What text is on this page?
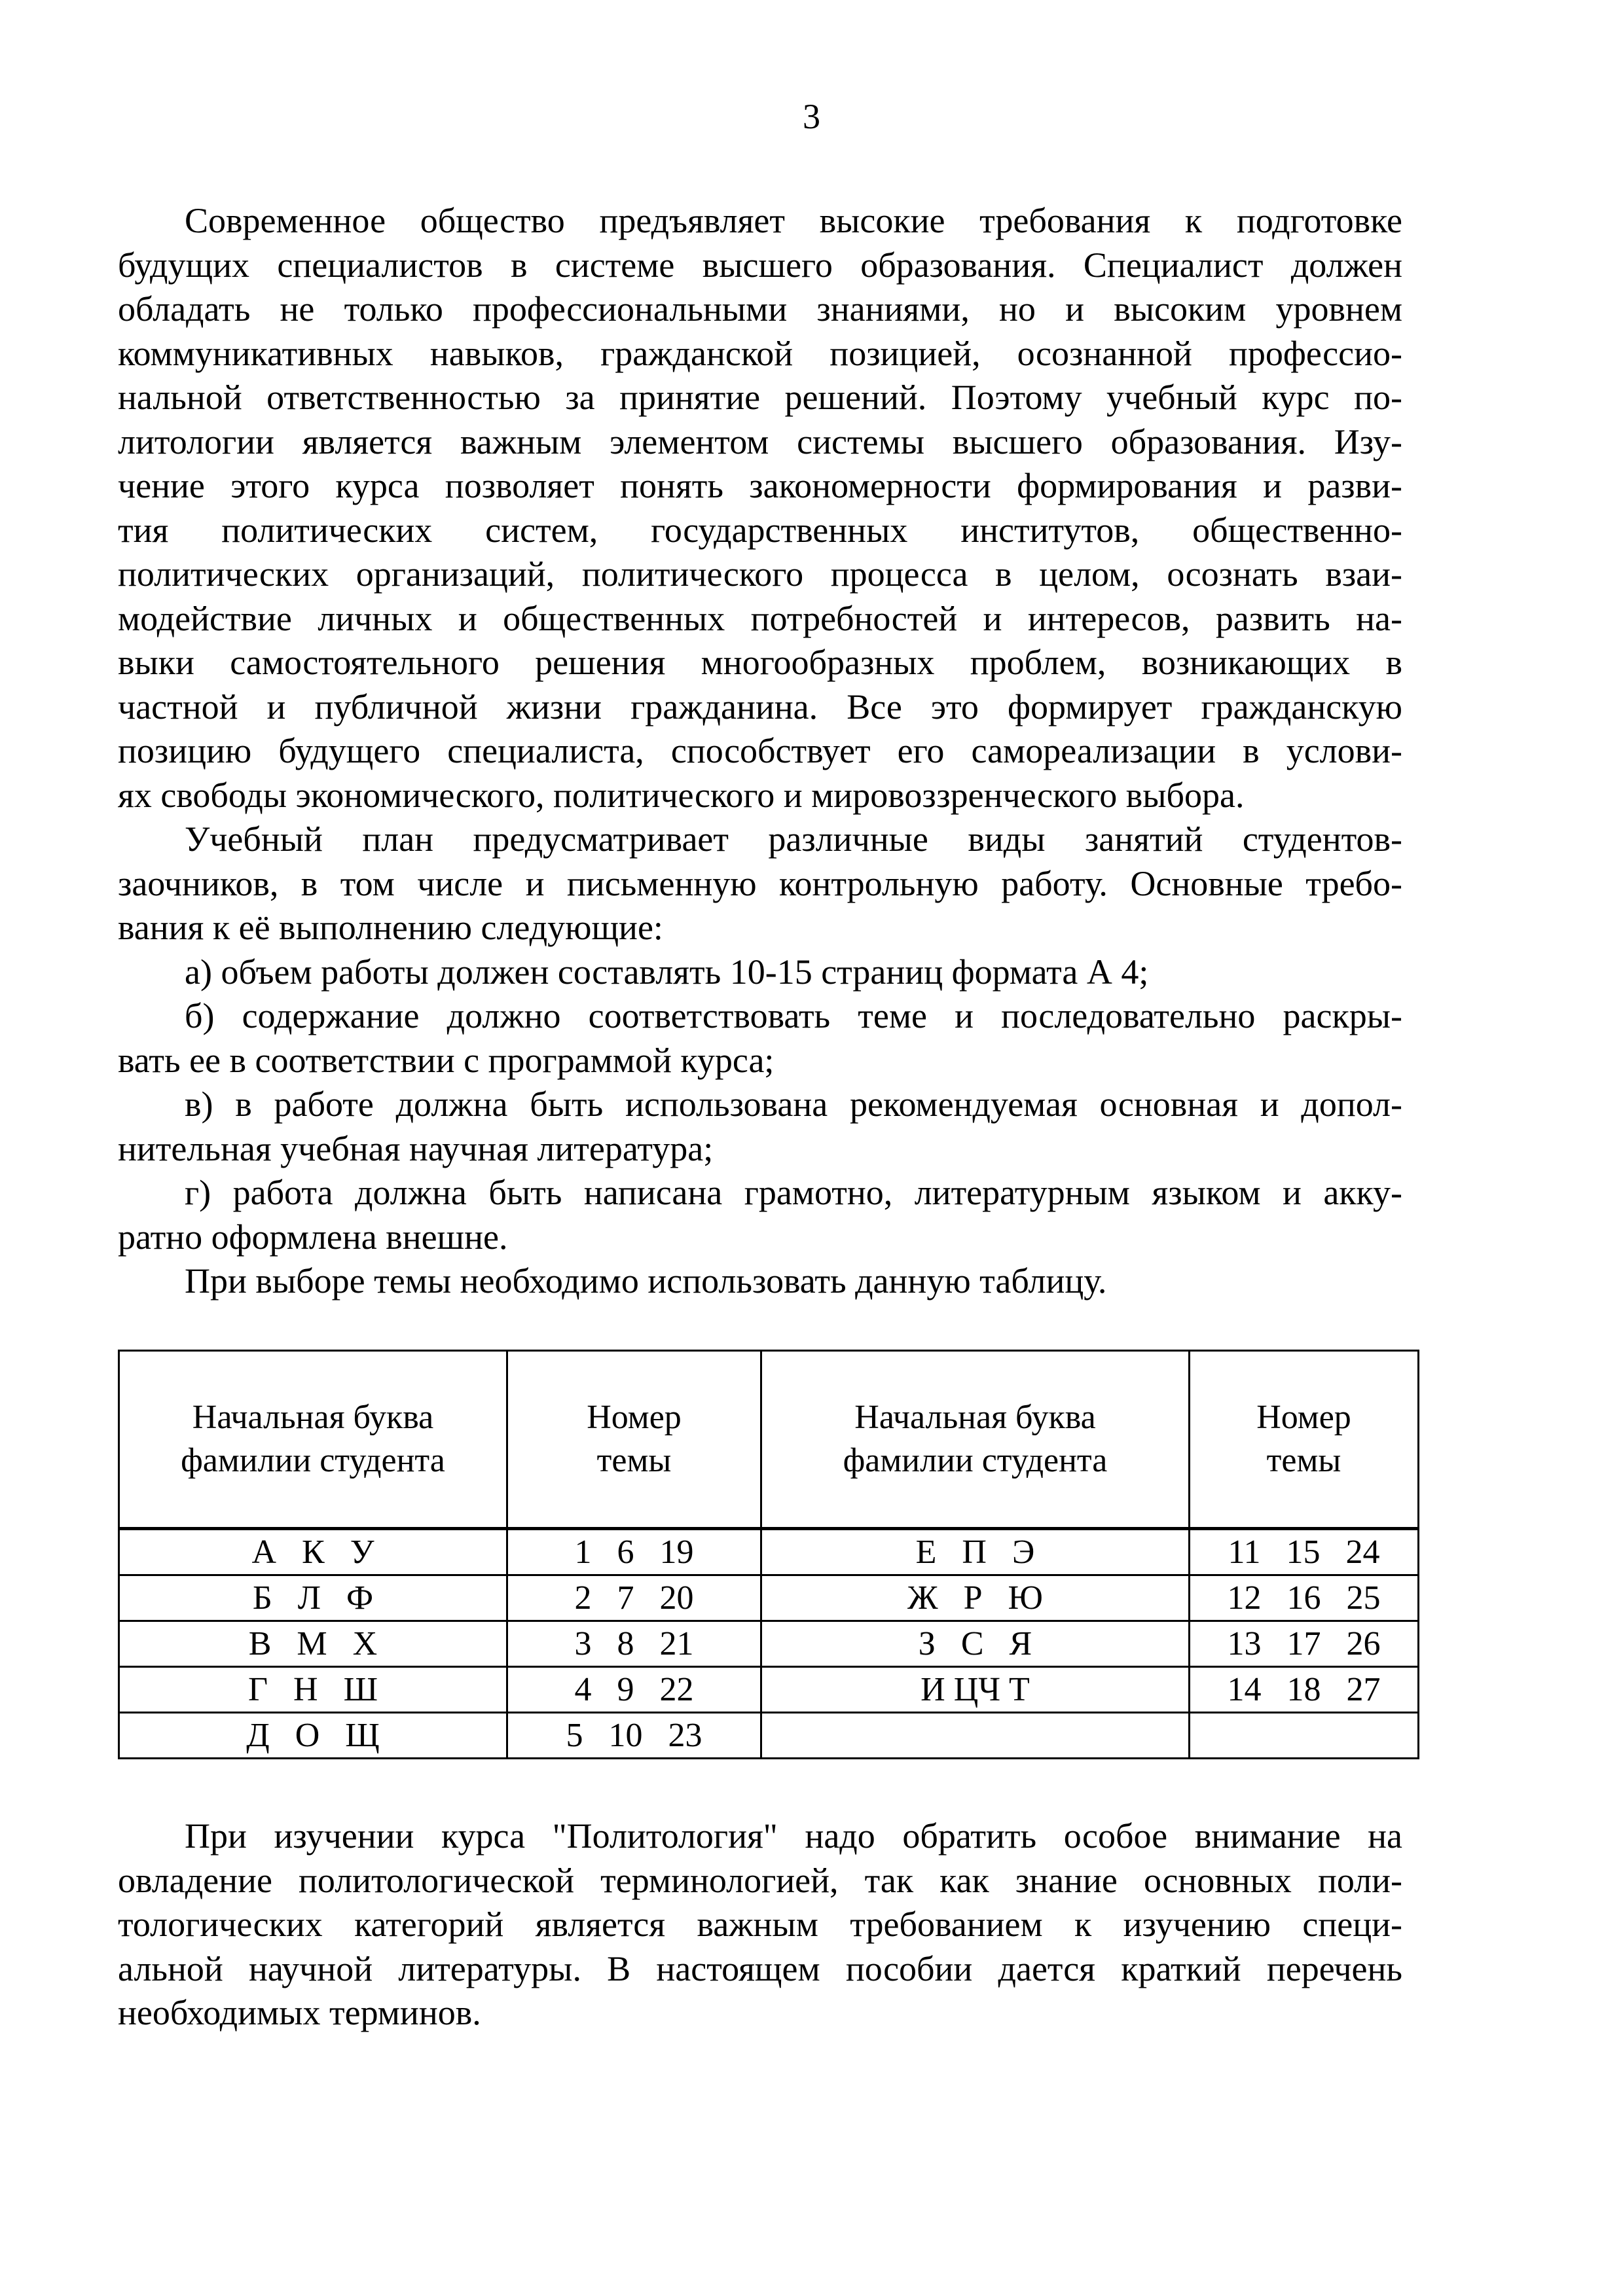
3
Современное общество предъявляет высокие требования к подготовке
будущих специалистов в системе высшего образования. Специалист должен
обладать не только профессиональными знаниями, но и высоким уровнем
коммуникативных навыков, гражданской позицией, осознанной профессио-
нальной ответственностью за принятие решений. Поэтому учебный курс по-
литологии является важным элементом системы высшего образования. Изу-
чение этого курса позволяет понять закономерности формирования и разви-
тия политических систем, государственных институтов, общественно-
политических организаций, политического процесса в целом, осознать взаи-
модействие личных и общественных потребностей и интересов, развить на-
выки самостоятельного решения многообразных проблем, возникающих в
частной и публичной жизни гражданина. Все это формирует гражданскую
позицию будущего специалиста, способствует его самореализации в услови-
ях свободы экономического, политического и мировоззренческого выбора.
Учебный план предусматривает различные виды занятий студентов-
заочников, в том числе и письменную контрольную работу. Основные требо-
вания к её выполнению следующие:
а) объем работы должен составлять 10-15 страниц формата А 4;
б) содержание должно соответствовать теме и последовательно раскры-
вать ее в соответствии с программой курса;
в) в работе должна быть использована рекомендуемая основная и допол-
нительная учебная научная литература;
г) работа должна быть написана грамотно, литературным языком и акку-
ратно оформлена внешне.
При выборе темы необходимо использовать данную таблицу.
Начальная буква
фамилии студента	Номер
темы	Начальная буква
фамилии студента	Номер
темы
А   К   У	1   6   19	Е   П   Э	11   15   24
Б   Л   Ф	2   7   20	Ж   Р   Ю	12   16   25
В   М   Х	3   8   21	З   С   Я	13   17   26
Г   Н   Ш	4   9   22	И ЦЧ Т	14   18   27
Д   О   Щ	5   10   23		
При изучении курса "Политология" надо обратить особое внимание на
овладение политологической терминологией, так как знание основных поли-
тологических категорий является важным требованием к изучению специ-
альной научной литературы. В настоящем пособии дается краткий перечень
необходимых терминов.
